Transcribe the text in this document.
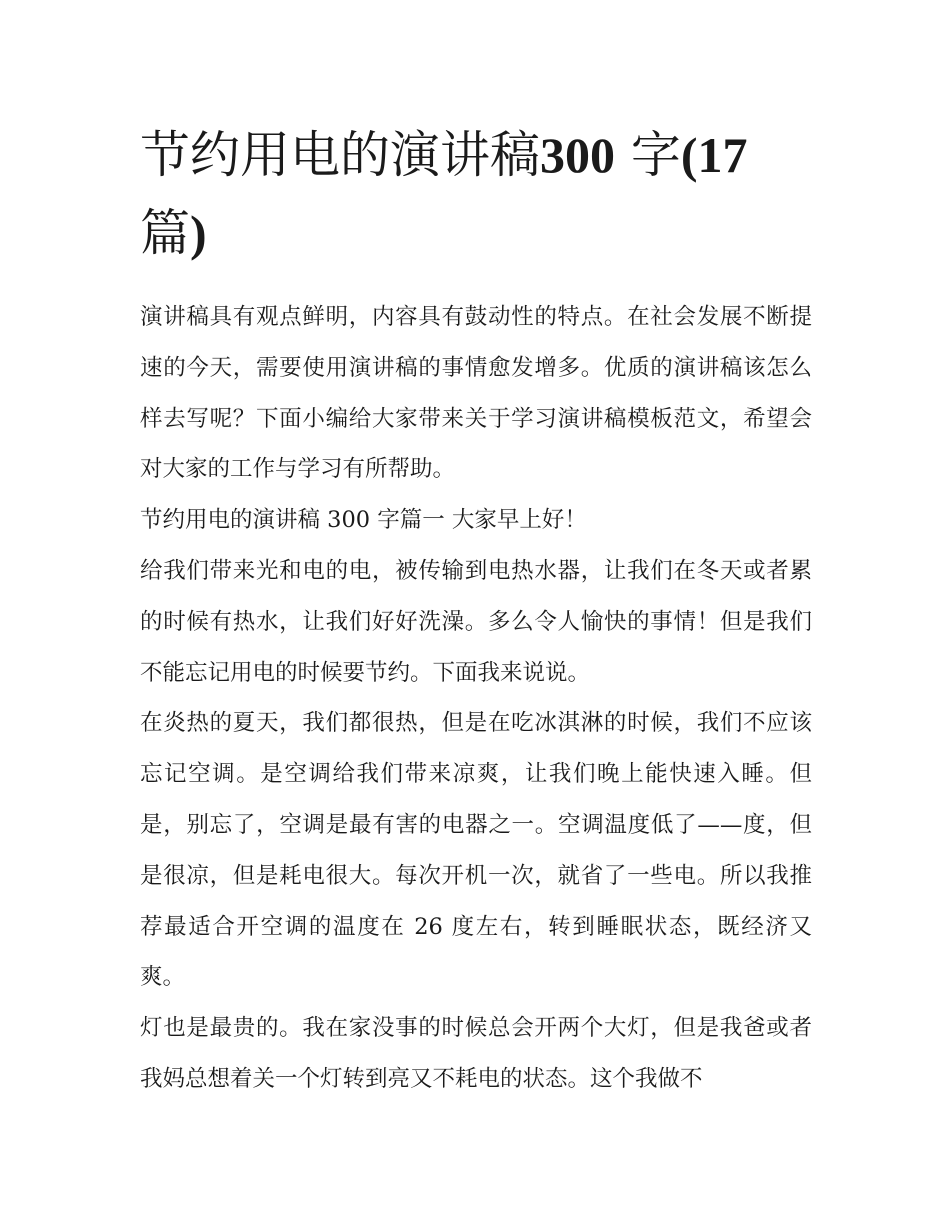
节约用电的演讲稿300 字(17
篇)

演讲稿具有观点鲜明，内容具有鼓动性的特点。在社会发展不断提速的今天，需要使用演讲稿的事情愈发增多。优质的演讲稿该怎么样去写呢？下面小编给大家带来关于学习演讲稿模板范文，希望会对大家的工作与学习有所帮助。

节约用电的演讲稿 300 字篇一 大家早上好！

给我们带来光和电的电，被传输到电热水器，让我们在冬天或者累的时候有热水，让我们好好洗澡。多么令人愉快的事情！但是我们不能忘记用电的时候要节约。下面我来说说。

在炎热的夏天，我们都很热，但是在吃冰淇淋的时候，我们不应该忘记空调。是空调给我们带来凉爽，让我们晚上能快速入睡。但是，别忘了，空调是最有害的电器之一。空调温度低了——度，但是很凉，但是耗电很大。每次开机一次，就省了一些电。所以我推荐最适合开空调的温度在 26 度左右，转到睡眠状态，既经济又爽。

灯也是最贵的。我在家没事的时候总会开两个大灯，但是我爸或者我妈总想着关一个灯转到亮又不耗电的状态。这个我做不
